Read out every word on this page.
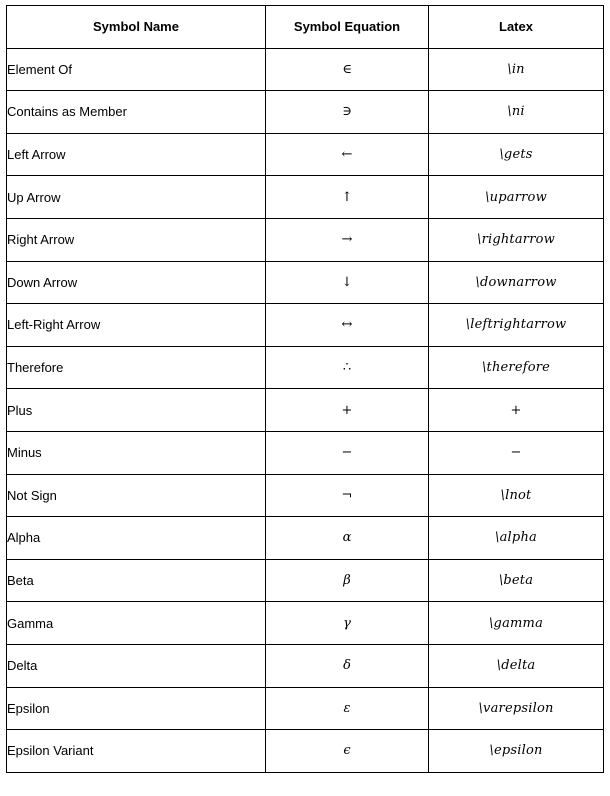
Symbol Name	Symbol Equation	Latex
Element Of	∈	\in
Contains as Member	∋	\ni
Left Arrow	←	\gets
Up Arrow	↑	\uparrow
Right Arrow	→	\rightarrow
Down Arrow	↓	\downarrow
Left-Right Arrow	↔	\leftrightarrow
Therefore	∴	\therefore
Plus	+	+
Minus	−	−
Not Sign	¬	\lnot
Alpha	α	\alpha
Beta	β	\beta
Gamma	γ	\gamma
Delta	δ	\delta
Epsilon	ε	\varepsilon
Epsilon Variant	ϵ	\epsilon
